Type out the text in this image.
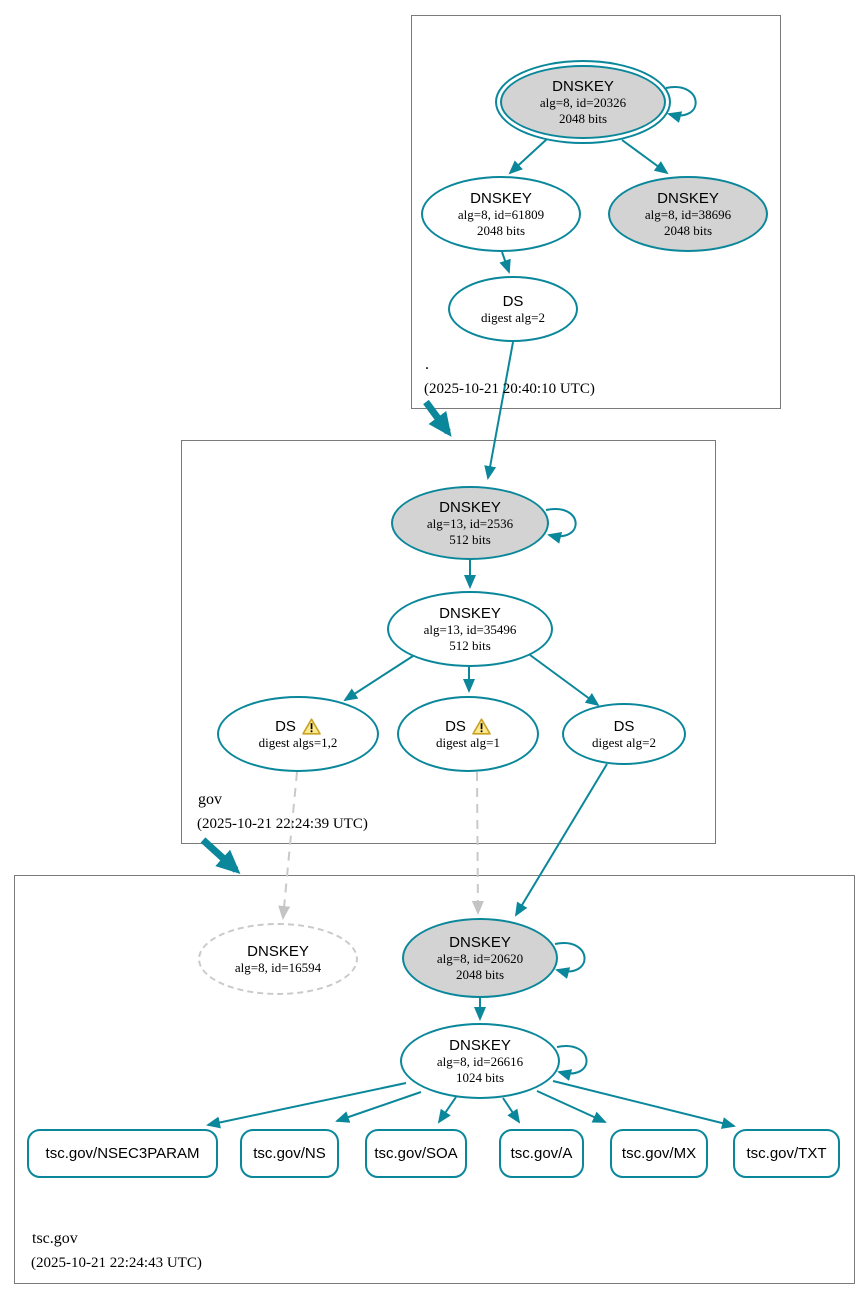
.
(2025-10-21 20:40:10 UTC)
gov
(2025-10-21 22:24:39 UTC)
tsc.gov
(2025-10-21 22:24:43 UTC)
DNSKEY
alg=8, id=20326
2048 bits
DNSKEY
alg=8, id=61809
2048 bits
DNSKEY
alg=8, id=38696
2048 bits
DS
digest alg=2
DNSKEY
alg=13, id=2536
512 bits
DNSKEY
alg=13, id=35496
512 bits
DS
digest algs=1,2
DS
digest alg=1
DS
digest alg=2
DNSKEY
alg=8, id=16594
DNSKEY
alg=8, id=20620
2048 bits
DNSKEY
alg=8, id=26616
1024 bits
tsc.gov/NSEC3PARAM	tsc.gov/NS	tsc.gov/SOA	tsc.gov/A	tsc.gov/MX	tsc.gov/TXT
